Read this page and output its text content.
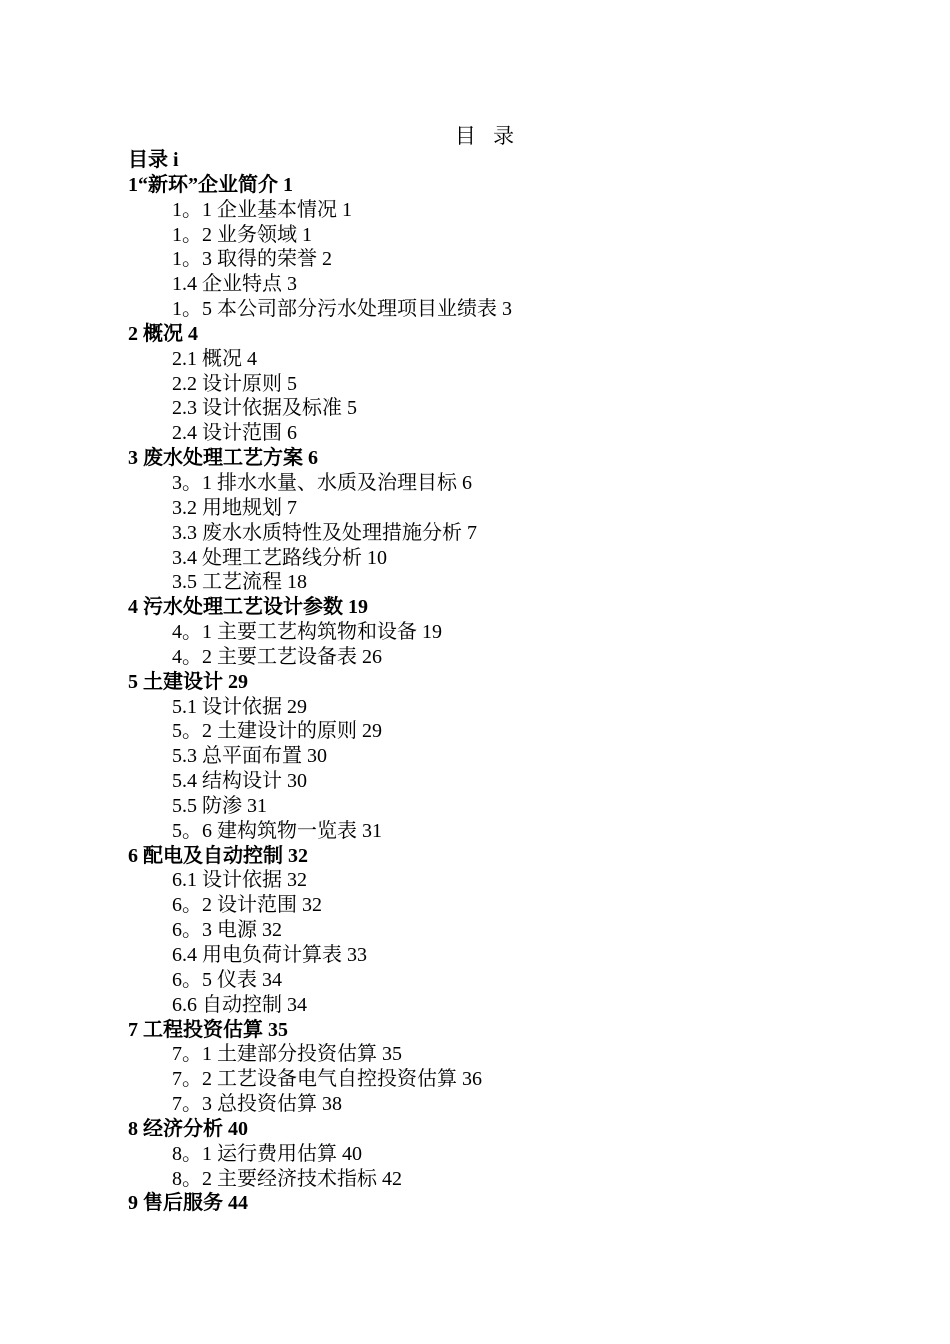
目 录
目录 i
1“新环”企业简介 1
1。1 企业基本情况 1
1。2 业务领域 1
1。3 取得的荣誉 2
1.4 企业特点 3
1。5 本公司部分污水处理项目业绩表 3
2 概况 4
2.1 概况 4
2.2 设计原则 5
2.3 设计依据及标准 5
2.4 设计范围 6
3 废水处理工艺方案 6
3。1 排水水量、水质及治理目标 6
3.2 用地规划 7
3.3 废水水质特性及处理措施分析 7
3.4 处理工艺路线分析 10
3.5 工艺流程 18
4 污水处理工艺设计参数 19
4。1 主要工艺构筑物和设备 19
4。2 主要工艺设备表 26
5 土建设计 29
5.1 设计依据 29
5。2 土建设计的原则 29
5.3 总平面布置 30
5.4 结构设计 30
5.5 防渗 31
5。6 建构筑物一览表 31
6 配电及自动控制 32
6.1 设计依据 32
6。2 设计范围 32
6。3 电源 32
6.4 用电负荷计算表 33
6。5 仪表 34
6.6 自动控制 34
7 工程投资估算 35
7。1 土建部分投资估算 35
7。2 工艺设备电气自控投资估算 36
7。3 总投资估算 38
8 经济分析 40
8。1 运行费用估算 40
8。2 主要经济技术指标 42
9 售后服务 44
